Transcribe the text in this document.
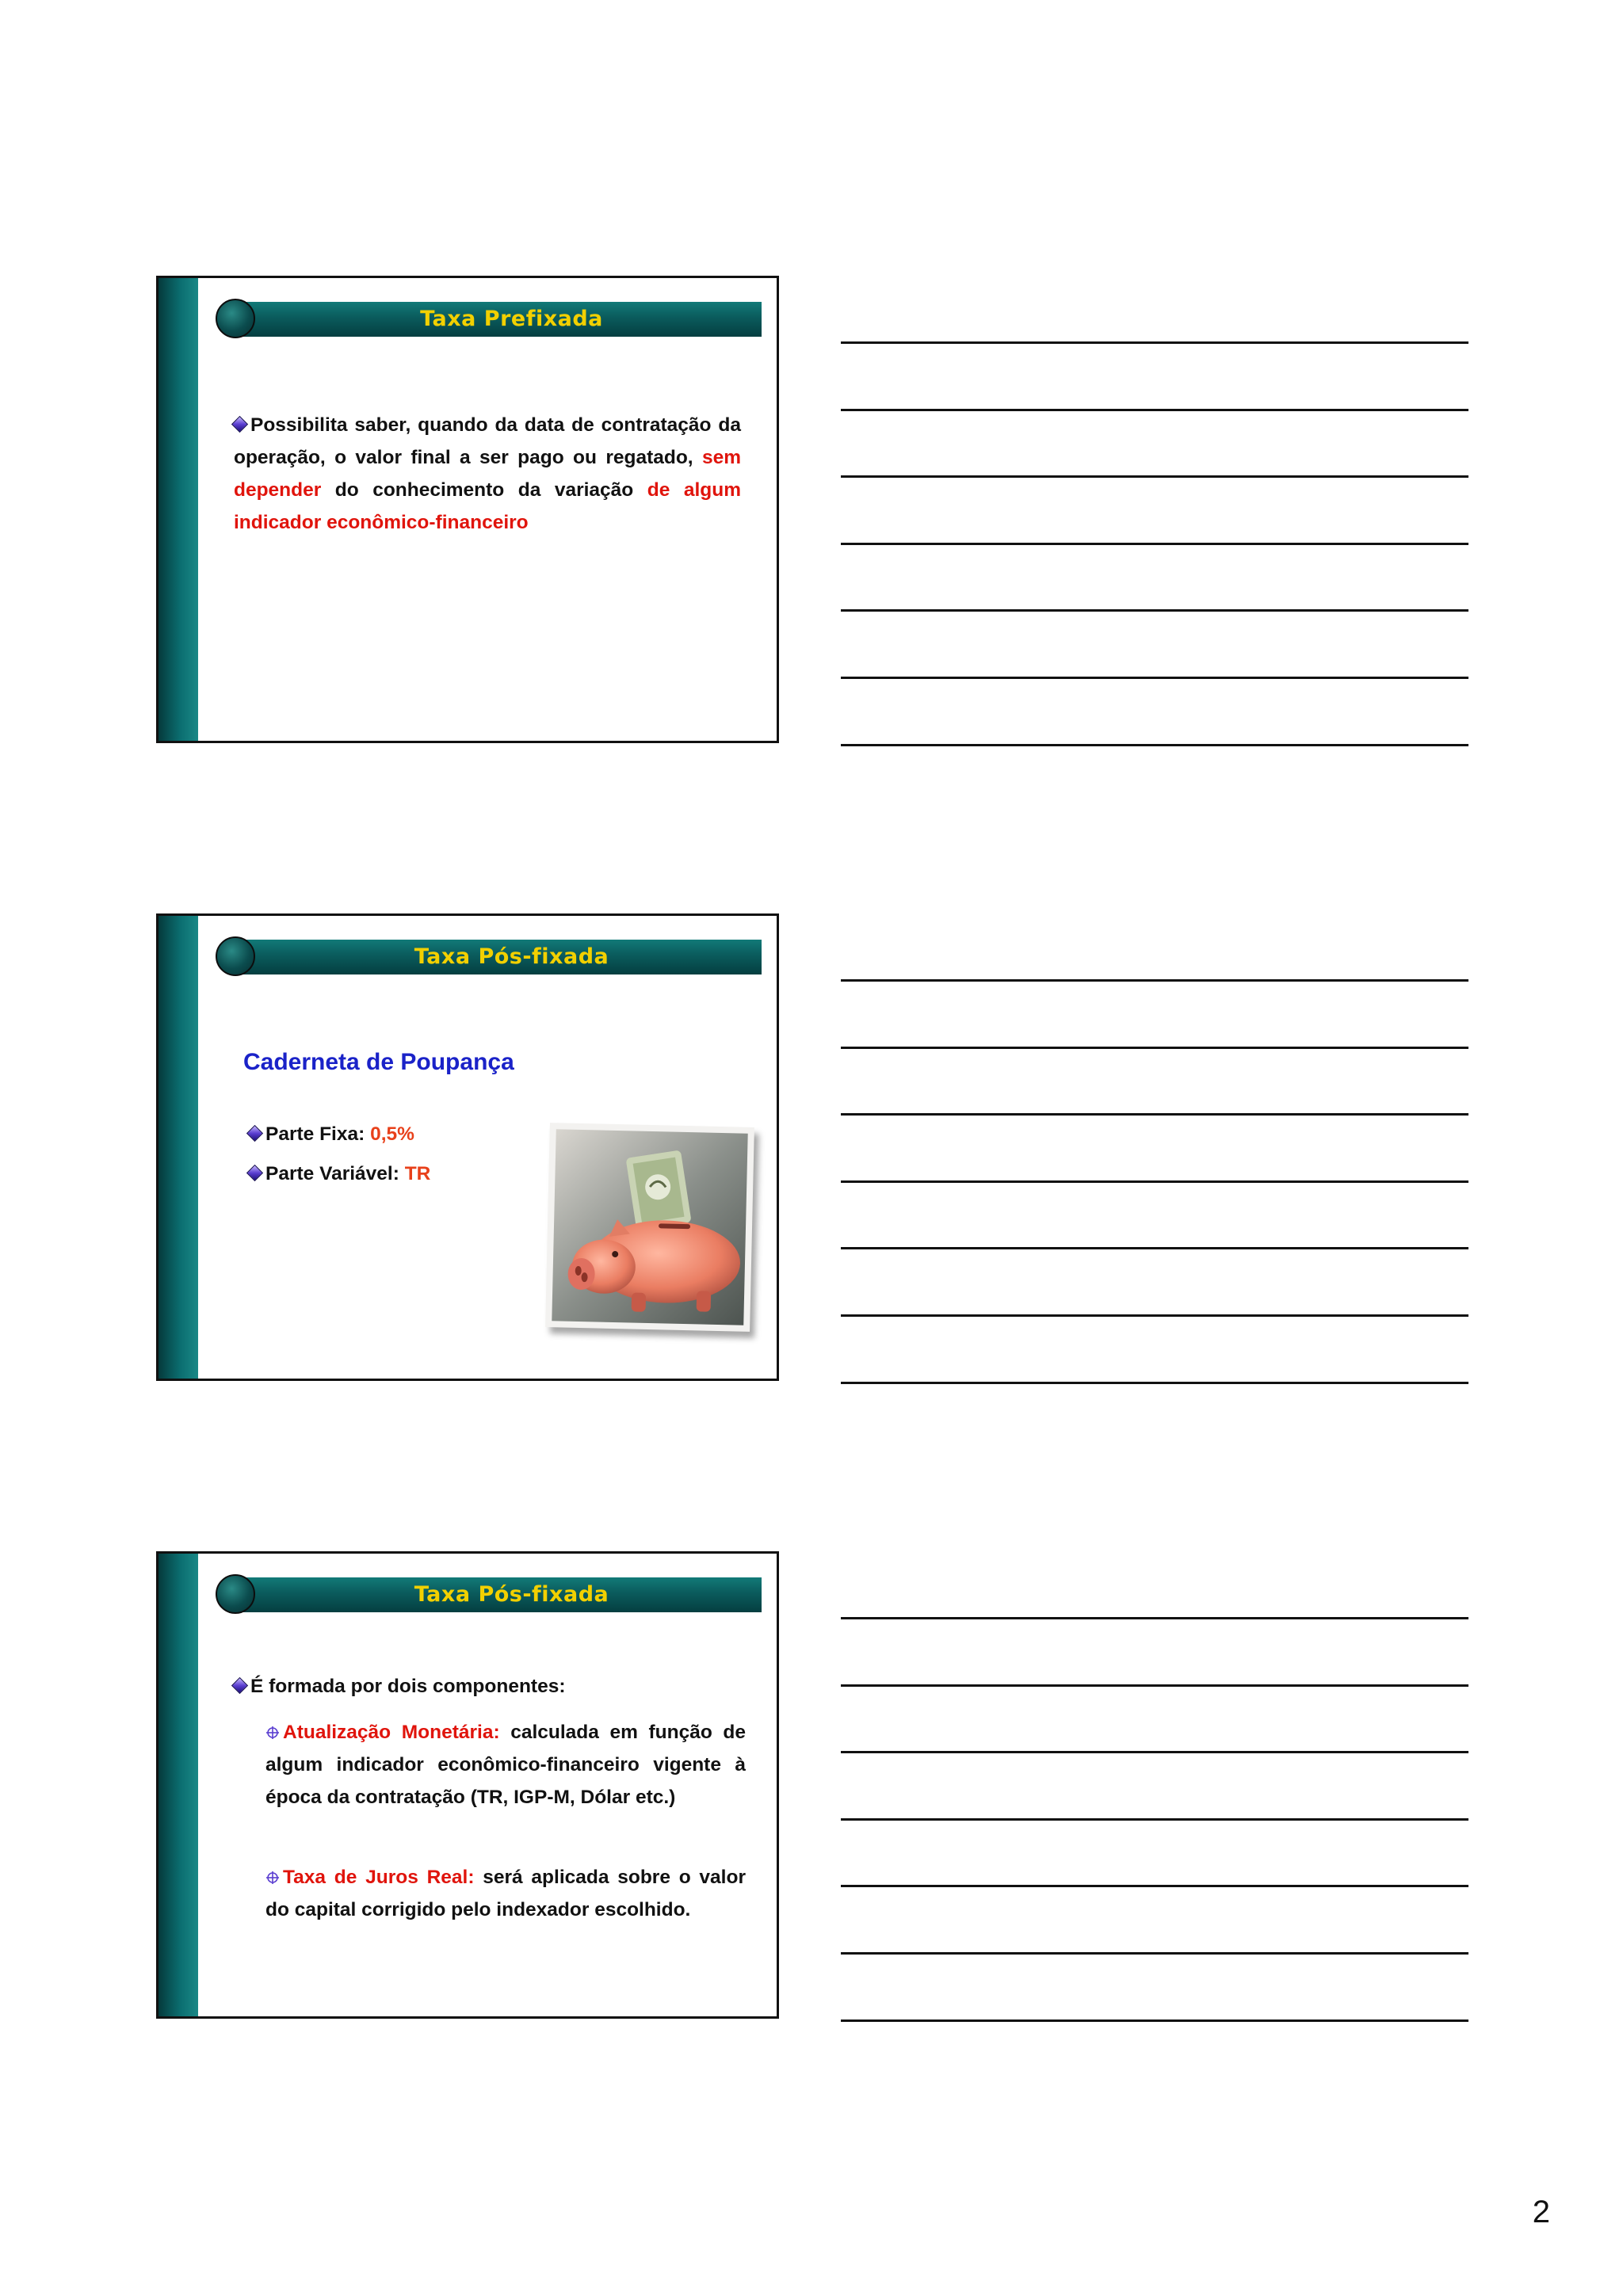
Taxa Prefixada
Possibilita saber, quando da data de contratação da operação, o valor final a ser pago ou regatado, sem depender do conhecimento da variação de algum indicador econômico-financeiro
Taxa Pós-fixada
Caderneta de Poupança
Parte Fixa: 0,5%
Parte Variável: TR
Taxa Pós-fixada
É formada por dois componentes:
Atualização Monetária: calculada em função de algum indicador econômico-financeiro vigente à época da contratação (TR, IGP-M, Dólar etc.)
Taxa de Juros Real: será aplicada sobre o valor do capital corrigido pelo indexador escolhido.
2
